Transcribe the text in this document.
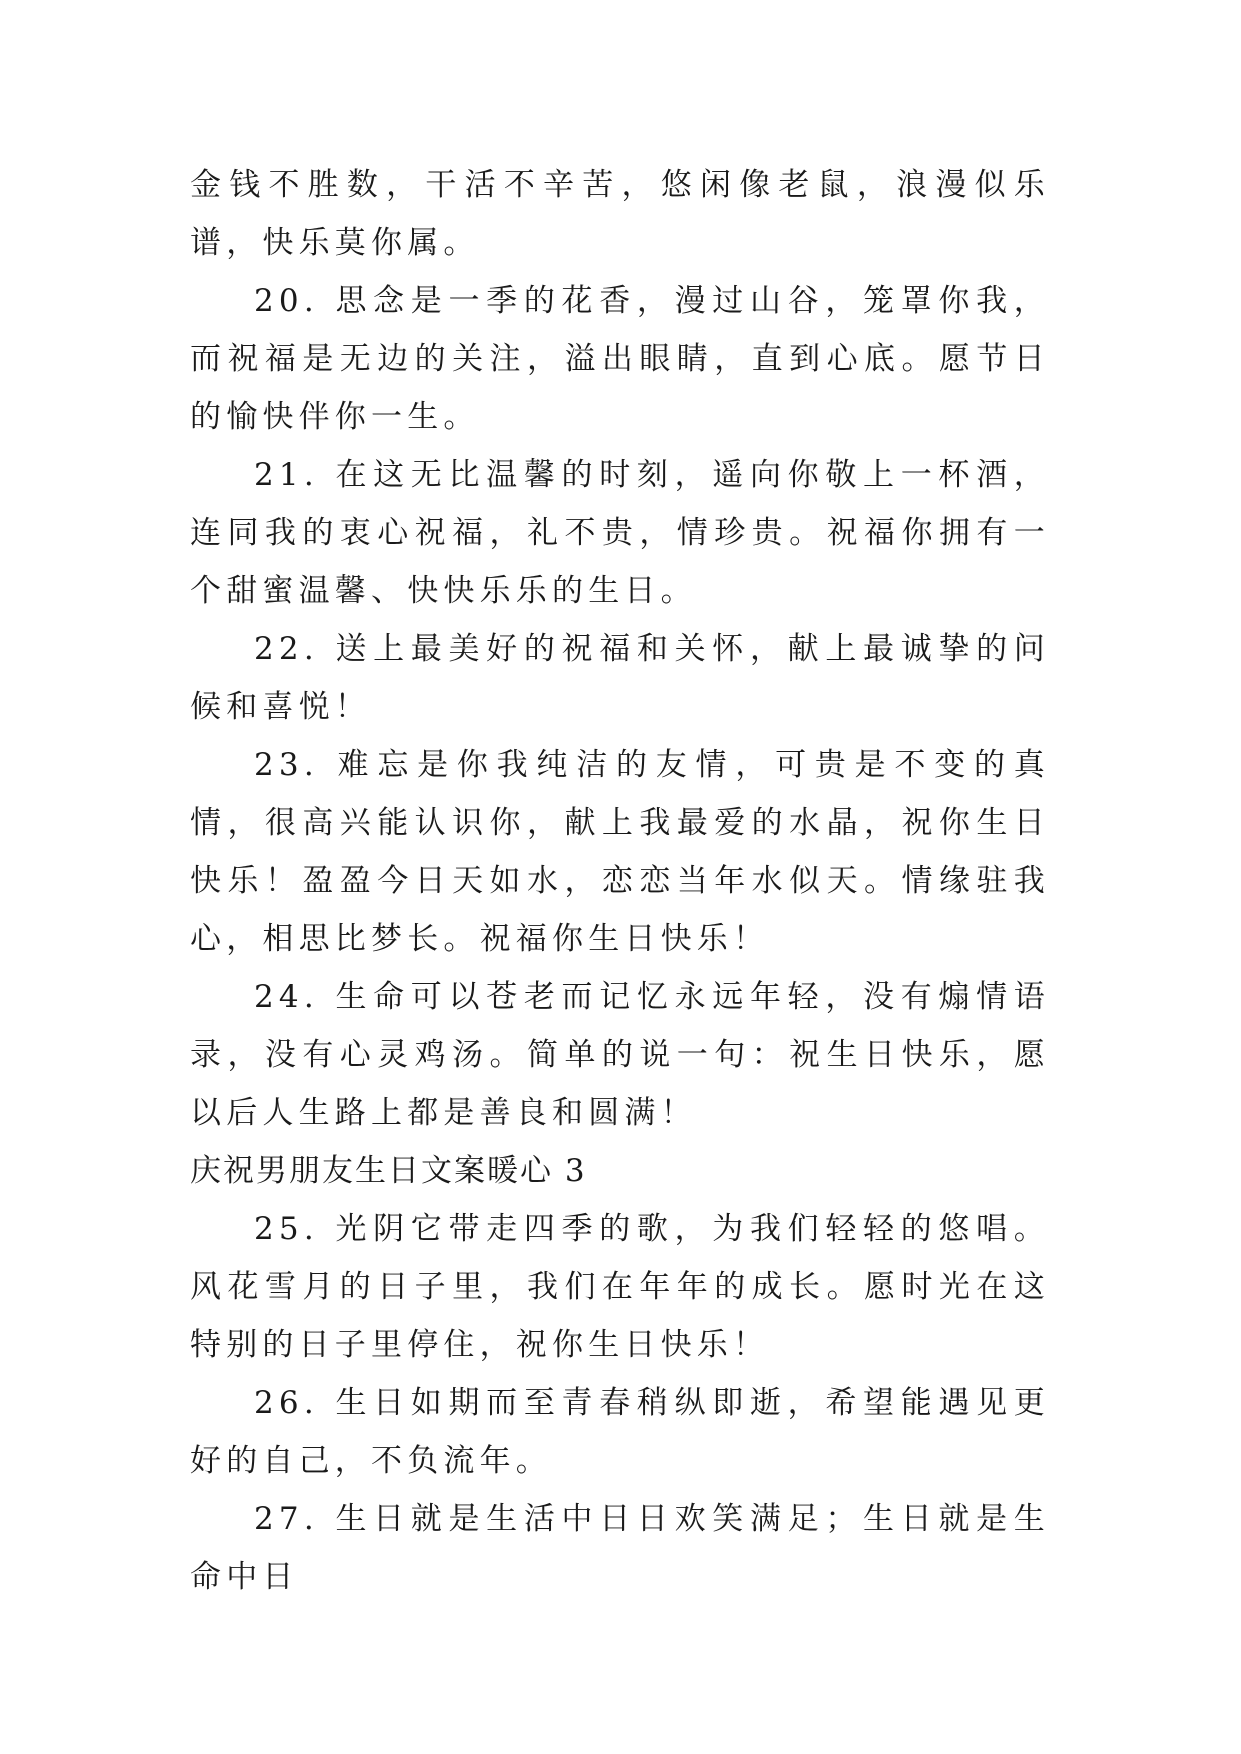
金钱不胜数，干活不辛苦，悠闲像老鼠，浪漫似乐谱，快乐莫你属。

20. 思念是一季的花香，漫过山谷，笼罩你我，而祝福是无边的关注，溢出眼睛，直到心底。愿节日的愉快伴你一生。

21. 在这无比温馨的时刻，遥向你敬上一杯酒，连同我的衷心祝福，礼不贵，情珍贵。祝福你拥有一个甜蜜温馨、快快乐乐的生日。

22. 送上最美好的祝福和关怀，献上最诚挚的问候和喜悦！

23. 难忘是你我纯洁的友情，可贵是不变的真情，很高兴能认识你，献上我最爱的水晶，祝你生日快乐！盈盈今日天如水，恋恋当年水似天。情缘驻我心，相思比梦长。祝福你生日快乐！

24. 生命可以苍老而记忆永远年轻，没有煽情语录，没有心灵鸡汤。简单的说一句：祝生日快乐，愿以后人生路上都是善良和圆满！

庆祝男朋友生日文案暖心 3

25. 光阴它带走四季的歌，为我们轻轻的悠唱。风花雪月的日子里，我们在年年的成长。愿时光在这特别的日子里停住，祝你生日快乐！

26. 生日如期而至青春稍纵即逝，希望能遇见更好的自己，不负流年。

27. 生日就是生活中日日欢笑满足；生日就是生命中日
